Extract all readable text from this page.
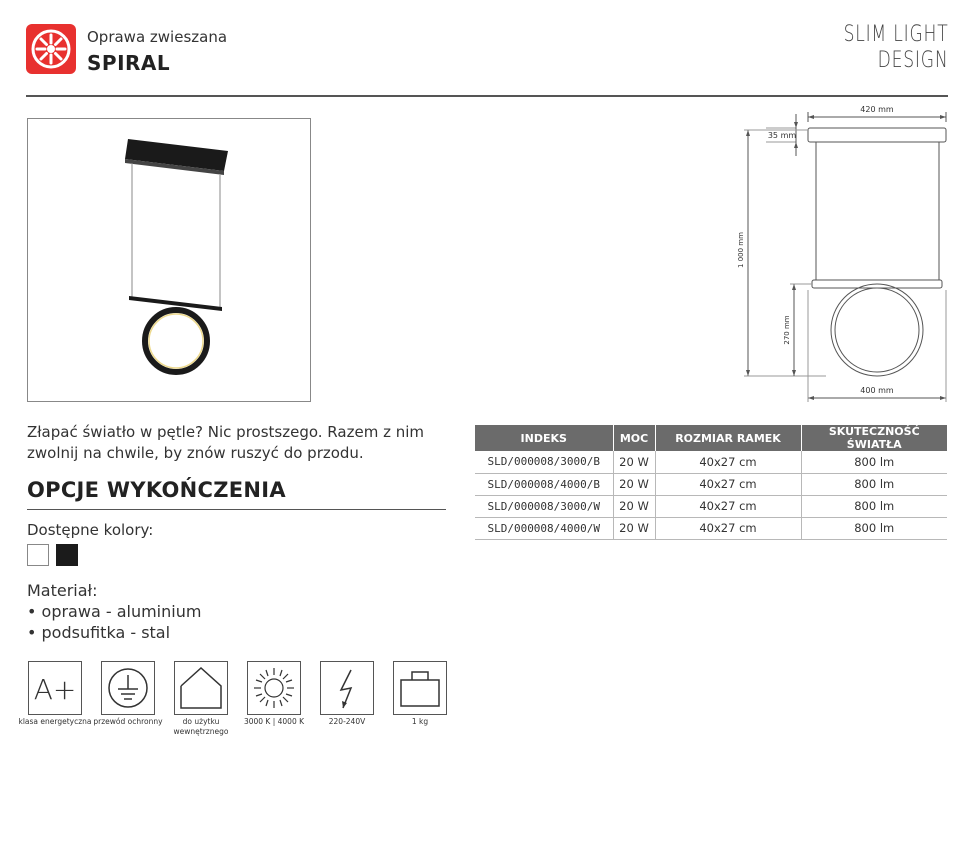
Oprawa zwieszana
SPIRAL
SLIM LIGHT
DESIGN
420 mm
35 mm
1 000 mm
270 mm
400 mm
Złapać światło w pętle? Nic prostszego. Razem z nim zwolnij na chwile, by znów ruszyć do przodu.
OPCJE WYKOŃCZENIA
Dostępne kolory:
Materiał:
• oprawa - aluminium
• podsufitka - stal
A+
klasa energetyczna przewód ochronny	do użytku wewnętrznego
3000 K | 4000 K	220-240V	1 kg
INDEKS	MOC	ROZMIAR RAMEK	SKUTECZNOŚĆ ŚWIATŁA
SLD/000008/3000/B	20 W	40x27 cm	800 lm
SLD/000008/4000/B	20 W	40x27 cm	800 lm
SLD/000008/3000/W	20 W	40x27 cm	800 lm
SLD/000008/4000/W	20 W	40x27 cm	800 lm
